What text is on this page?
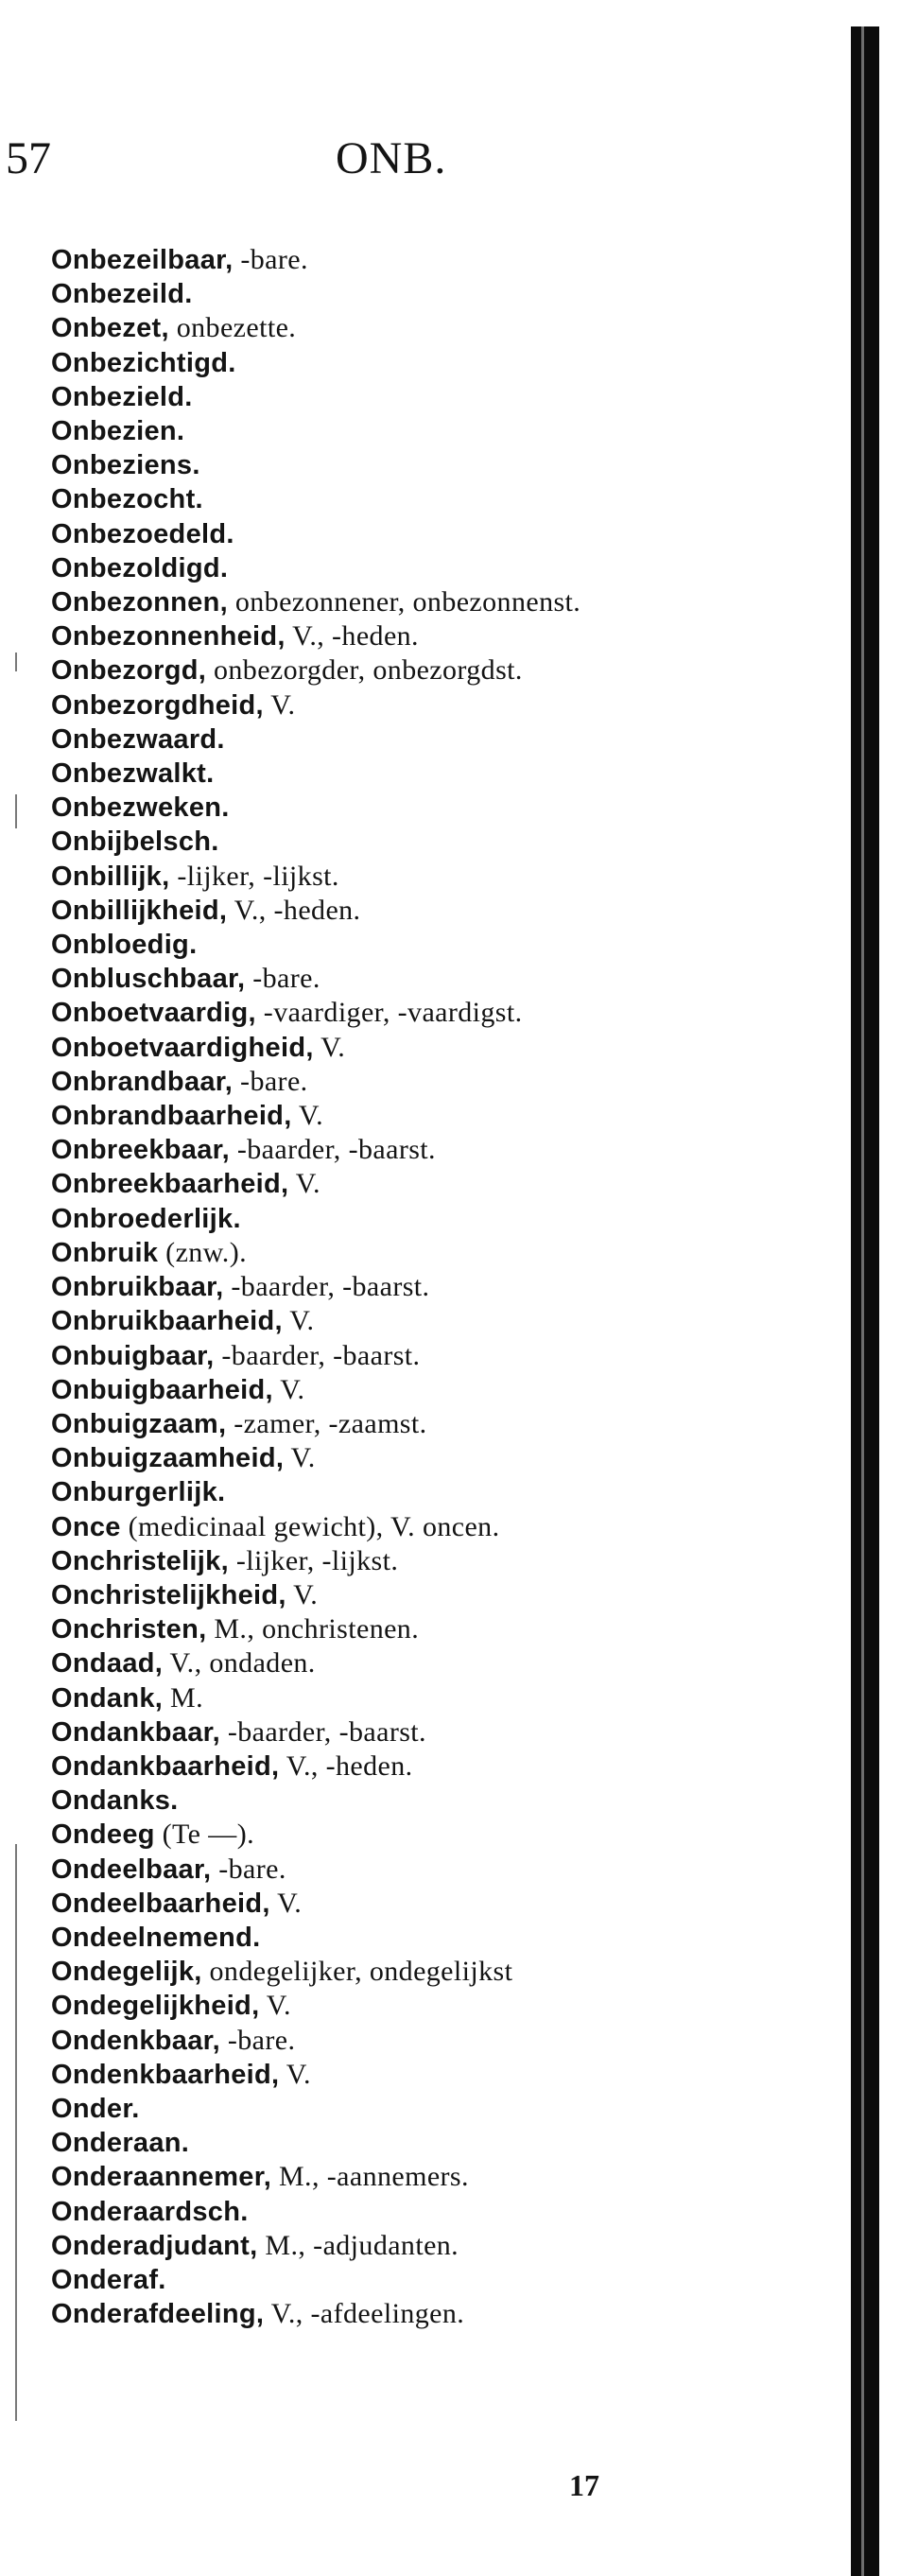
57	ONB.
Onbezeilbaar, -bare.
Onbezeild.
Onbezet, onbezette.
Onbezichtigd.
Onbezield.
Onbezien.
Onbeziens.
Onbezocht.
Onbezoedeld.
Onbezoldigd.
Onbezonnen, onbezonnener, onbezonnenst.
Onbezonnenheid, V., -heden.
Onbezorgd, onbezorgder, onbezorgdst.
Onbezorgdheid, V.
Onbezwaard.
Onbezwalkt.
Onbezweken.
Onbijbelsch.
Onbillijk, -lijker, -lijkst.
Onbillijkheid, V., -heden.
Onbloedig.
Onbluschbaar, -bare.
Onboetvaardig, -vaardiger, -vaardigst.
Onboetvaardigheid, V.
Onbrandbaar, -bare.
Onbrandbaarheid, V.
Onbreekbaar, -baarder, -baarst.
Onbreekbaarheid, V.
Onbroederlijk.
Onbruik (znw.).
Onbruikbaar, -baarder, -baarst.
Onbruikbaarheid, V.
Onbuigbaar, -baarder, -baarst.
Onbuigbaarheid, V.
Onbuigzaam, -zamer, -zaamst.
Onbuigzaamheid, V.
Onburgerlijk.
Once (medicinaal gewicht), V. oncen.
Onchristelijk, -lijker, -lijkst.
Onchristelijkheid, V.
Onchristen, M., onchristenen.
Ondaad, V., ondaden.
Ondank, M.
Ondankbaar, -baarder, -baarst.
Ondankbaarheid, V., -heden.
Ondanks.
Ondeeg (Te —).
Ondeelbaar, -bare.
Ondeelbaarheid, V.
Ondeelnemend.
Ondegelijk, ondegelijker, ondegelijkst
Ondegelijkheid, V.
Ondenkbaar, -bare.
Ondenkbaarheid, V.
Onder.
Onderaan.
Onderaannemer, M., -aannemers.
Onderaardsch.
Onderadjudant, M., -adjudanten.
Onderaf.
Onderafdeeling, V., -afdeelingen.
17
